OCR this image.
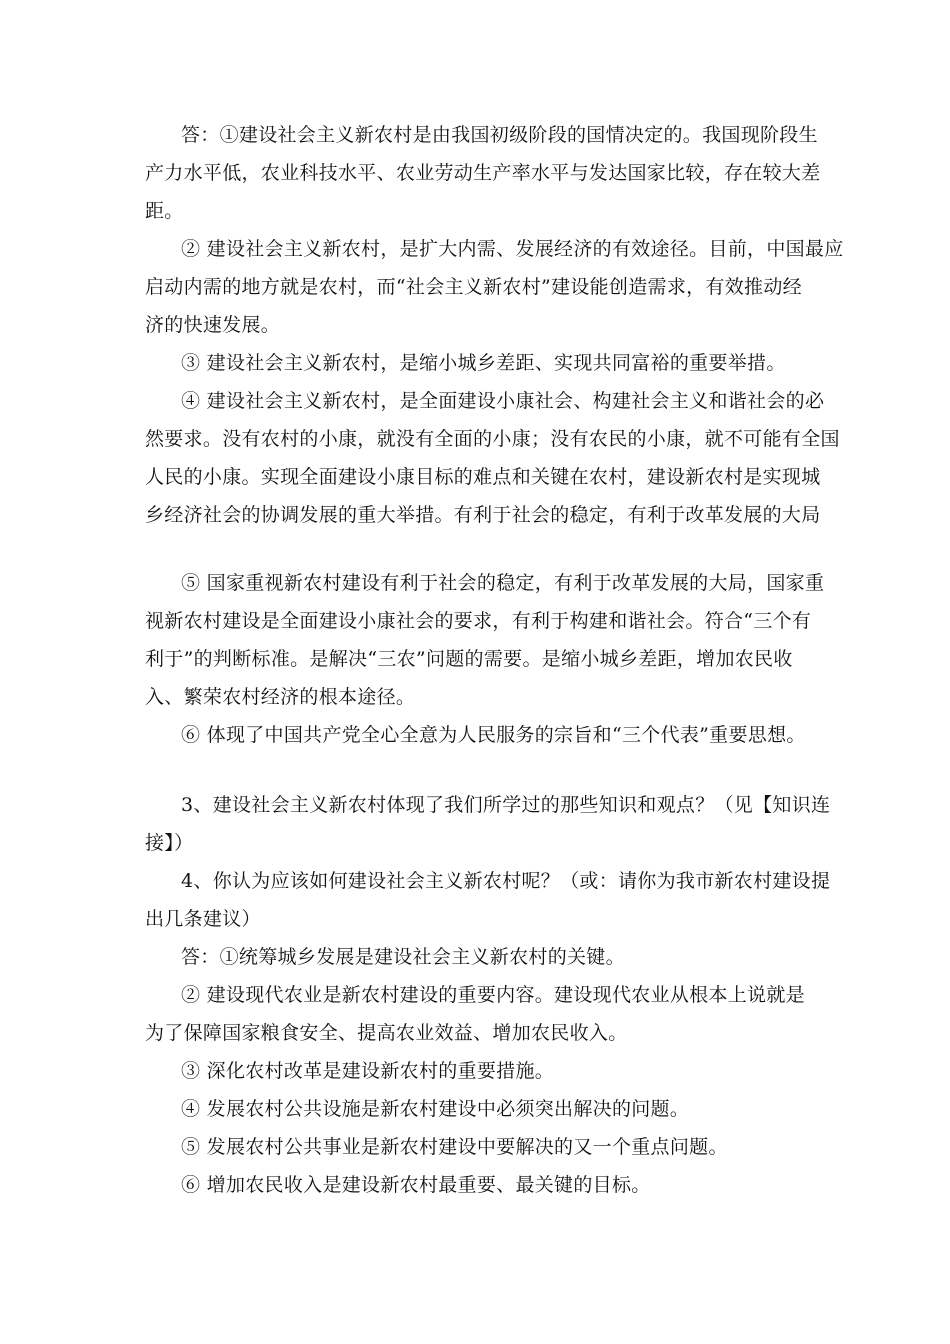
答：①建设社会主义新农村是由我国初级阶段的国情决定的。我国现阶段生
产力水平低，农业科技水平、农业劳动生产率水平与发达国家比较，存在较大差
距。
② 建设社会主义新农村，是扩大内需、发展经济的有效途径。目前，中国最应
启动内需的地方就是农村，而“社会主义新农村”建设能创造需求，有效推动经
济的快速发展。
③ 建设社会主义新农村，是缩小城乡差距、实现共同富裕的重要举措。
④ 建设社会主义新农村，是全面建设小康社会、构建社会主义和谐社会的必
然要求。没有农村的小康，就没有全面的小康；没有农民的小康，就不可能有全国
人民的小康。实现全面建设小康目标的难点和关键在农村，建设新农村是实现城
乡经济社会的协调发展的重大举措。有利于社会的稳定，有利于改革发展的大局
⑤ 国家重视新农村建设有利于社会的稳定，有利于改革发展的大局，国家重
视新农村建设是全面建设小康社会的要求，有利于构建和谐社会。符合“三个有
利于”的判断标准。是解决“三农”问题的需要。是缩小城乡差距，增加农民收
入、繁荣农村经济的根本途径。
⑥ 体现了中国共产党全心全意为人民服务的宗旨和“三个代表”重要思想。
3、建设社会主义新农村体现了我们所学过的那些知识和观点？（见【知识连
接】）
4、你认为应该如何建设社会主义新农村呢？（或：请你为我市新农村建设提
出几条建议）
答：①统筹城乡发展是建设社会主义新农村的关键。
② 建设现代农业是新农村建设的重要内容。建设现代农业从根本上说就是
为了保障国家粮食安全、提高农业效益、增加农民收入。
③ 深化农村改革是建设新农村的重要措施。
④ 发展农村公共设施是新农村建设中必须突出解决的问题。
⑤ 发展农村公共事业是新农村建设中要解决的又一个重点问题。
⑥ 增加农民收入是建设新农村最重要、最关键的目标。
